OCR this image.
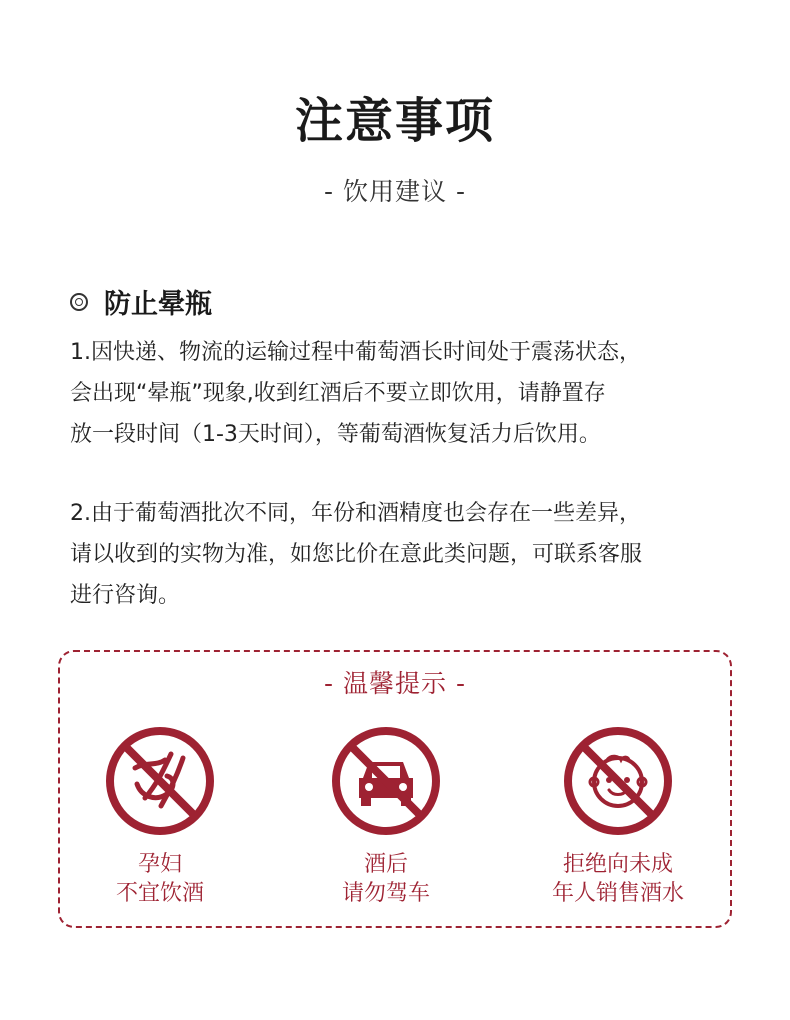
注意事项
- 饮用建议 -
防止晕瓶
1.因快递、物流的运输过程中葡萄酒长时间处于震荡状态，
会出现“晕瓶”现象,收到红酒后不要立即饮用，请静置存
放一段时间（1-3天时间），等葡萄酒恢复活力后饮用。
2.由于葡萄酒批次不同，年份和酒精度也会存在一些差异，
请以收到的实物为准，如您比价在意此类问题，可联系客服
进行咨询。
- 温馨提示 -
孕妇
不宜饮酒
酒后
请勿驾车
拒绝向未成
年人销售酒水
